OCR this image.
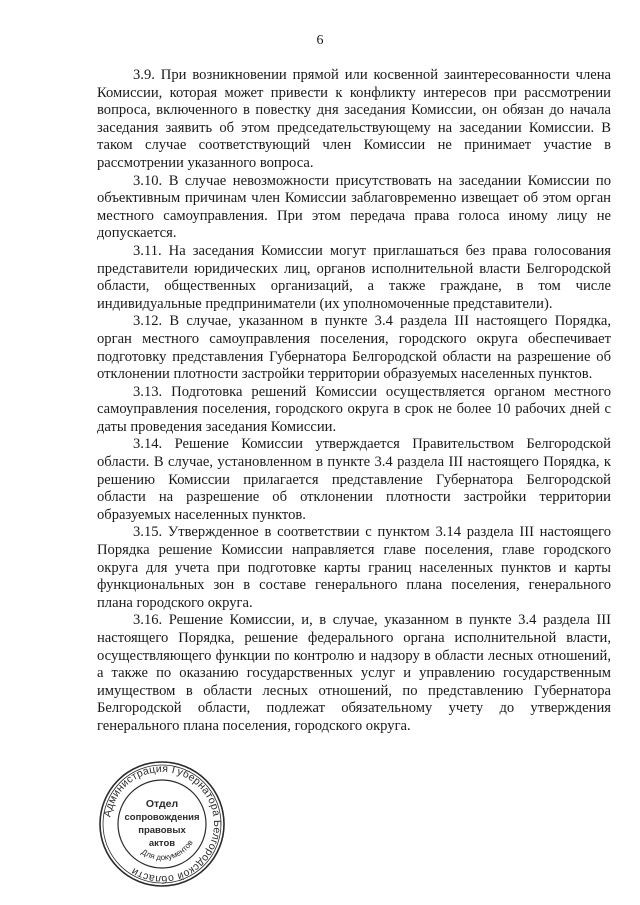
6

3.9. При возникновении прямой или косвенной заинтересованности члена Комиссии, которая может привести к конфликту интересов при рассмотрении вопроса, включенного в повестку дня заседания Комиссии, он обязан до начала заседания заявить об этом председательствующему на заседании Комиссии. В таком случае соответствующий член Комиссии не принимает участие в рассмотрении указанного вопроса.

3.10. В случае невозможности присутствовать на заседании Комиссии по объективным причинам член Комиссии заблаговременно извещает об этом орган местного самоуправления. При этом передача права голоса иному лицу не допускается.

3.11. На заседания Комиссии могут приглашаться без права голосования представители юридических лиц, органов исполнительной власти Белгородской области, общественных организаций, а также граждане, в том числе индивидуальные предприниматели (их уполномоченные представители).

3.12. В случае, указанном в пункте 3.4 раздела III настоящего Порядка, орган местного самоуправления поселения, городского округа обеспечивает подготовку представления Губернатора Белгородской области на разрешение об отклонении плотности застройки территории образуемых населенных пунктов.

3.13. Подготовка решений Комиссии осуществляется органом местного самоуправления поселения, городского округа в срок не более 10 рабочих дней с даты проведения заседания Комиссии.

3.14. Решение Комиссии утверждается Правительством Белгородской области. В случае, установленном в пункте 3.4 раздела III настоящего Порядка, к решению Комиссии прилагается представление Губернатора Белгородской области на разрешение об отклонении плотности застройки территории образуемых населенных пунктов.

3.15. Утвержденное в соответствии с пунктом 3.14 раздела III настоящего Порядка решение Комиссии направляется главе поселения, главе городского округа для учета при подготовке карты границ населенных пунктов и карты функциональных зон в составе генерального плана поселения, генерального плана городского округа.

3.16. Решение Комиссии, и, в случае, указанном в пункте 3.4 раздела III настоящего Порядка, решение федерального органа исполнительной власти, осуществляющего функции по контролю и надзору в области лесных отношений, а также по оказанию государственных услуг и управлению государственным имуществом в области лесных отношений, по представлению Губернатора Белгородской области, подлежат обязательному учету до утверждения генерального плана поселения, городского округа.

Администрация Губернатора Белгородской области
Для документов
Отдел
сопровождения
правовых
актов
